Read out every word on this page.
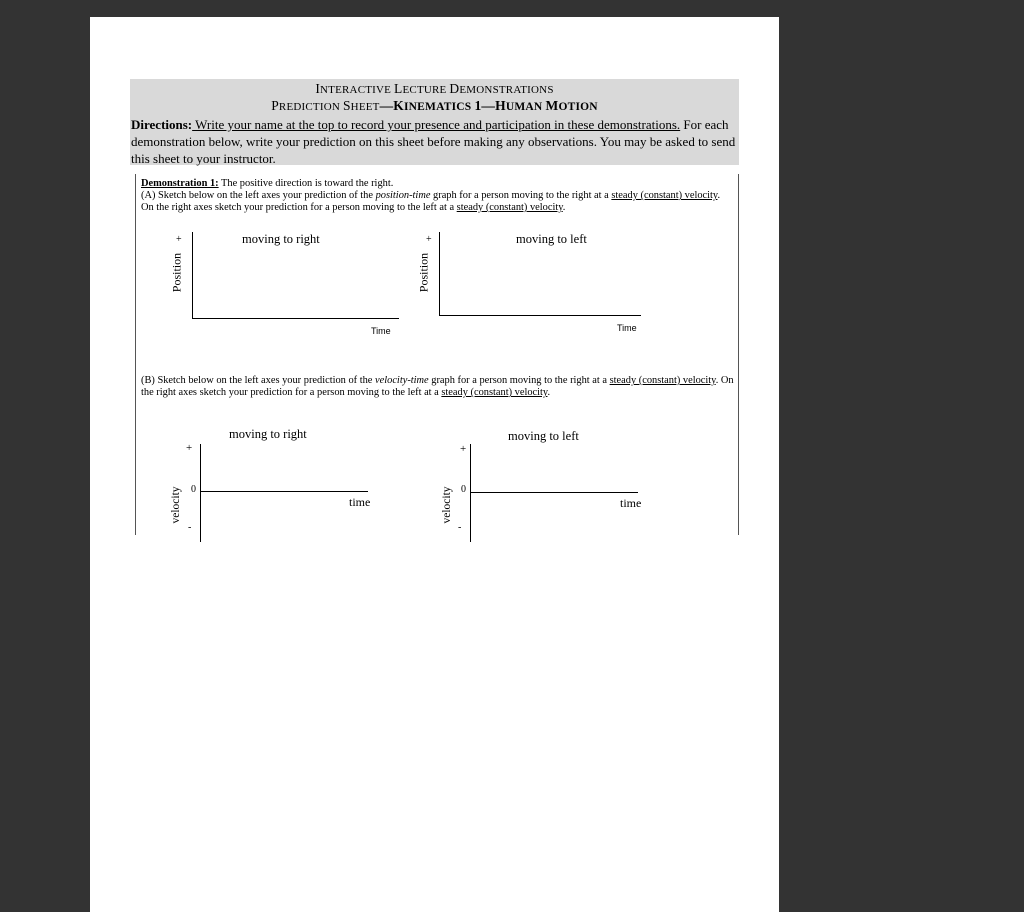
INTERACTIVE LECTURE DEMONSTRATIONS
PREDICTION SHEET—KINEMATICS 1—HUMAN MOTION
Directions: Write your name at the top to record your presence and participation in these demonstrations. For each demonstration below, write your prediction on this sheet before making any observations. You may be asked to send this sheet to your instructor.
Demonstration 1: The positive direction is toward the right.
(A) Sketch below on the left axes your prediction of the position-time graph for a person moving to the right at a steady (constant) velocity. On the right axes sketch your prediction for a person moving to the left at a steady (constant) velocity.
+	moving to right
Position
Time
+	moving to left
Position
Time
(B) Sketch below on the left axes your prediction of the velocity-time graph for a person moving to the right at a steady (constant) velocity. On the right axes sketch your prediction for a person moving to the left at a steady (constant) velocity.
+
moving to right
0
-
velocity	time
+
moving to left
0
-
velocity	time
